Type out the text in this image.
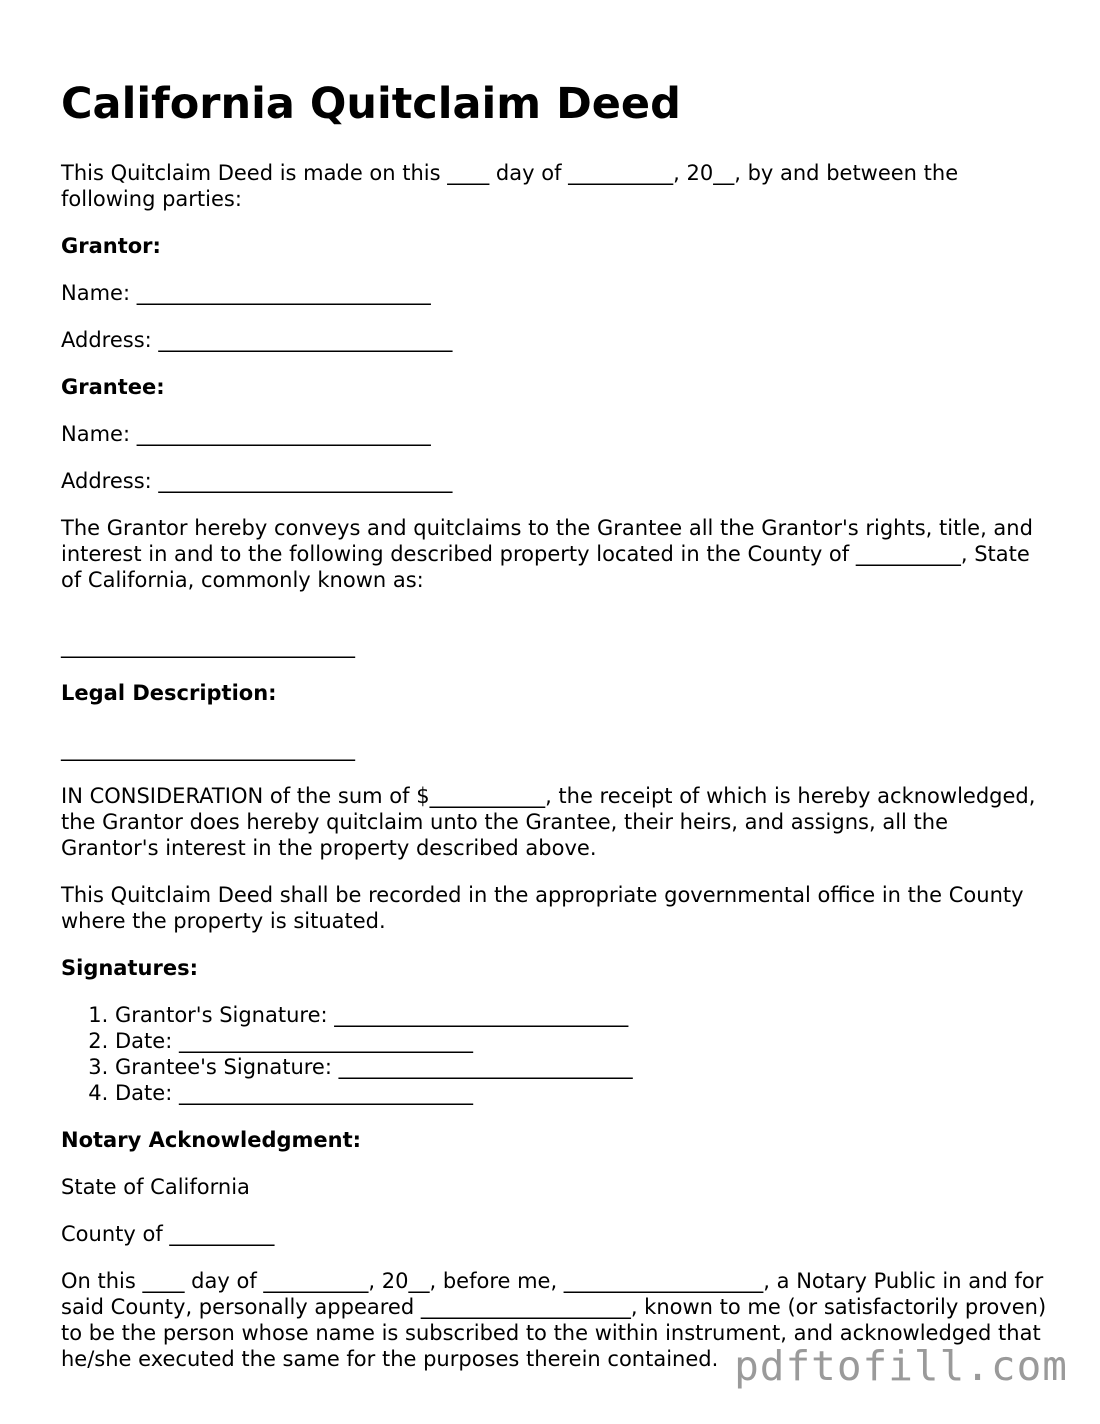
California Quitclaim Deed

This Quitclaim Deed is made on this ____ day of __________, 20__, by and between the following parties:

Grantor:

Name: ____________________________

Address: ____________________________

Grantee:

Name: ____________________________

Address: ____________________________

The Grantor hereby conveys and quitclaims to the Grantee all the Grantor's rights, title, and interest in and to the following described property located in the County of __________, State of California, commonly known as:

____________________________

Legal Description:

____________________________

IN CONSIDERATION of the sum of $___________, the receipt of which is hereby acknowledged, the Grantor does hereby quitclaim unto the Grantee, their heirs, and assigns, all the Grantor's interest in the property described above.

This Quitclaim Deed shall be recorded in the appropriate governmental office in the County where the property is situated.

Signatures:

1. Grantor's Signature: ____________________________
2. Date: ____________________________
3. Grantee's Signature: ____________________________
4. Date: ____________________________

Notary Acknowledgment:

State of California

County of __________

On this ____ day of __________, 20__, before me, ___________________, a Notary Public in and for said County, personally appeared ____________________, known to me (or satisfactorily proven) to be the person whose name is subscribed to the within instrument, and acknowledged that he/she executed the same for the purposes therein contained. pdftofill.com
